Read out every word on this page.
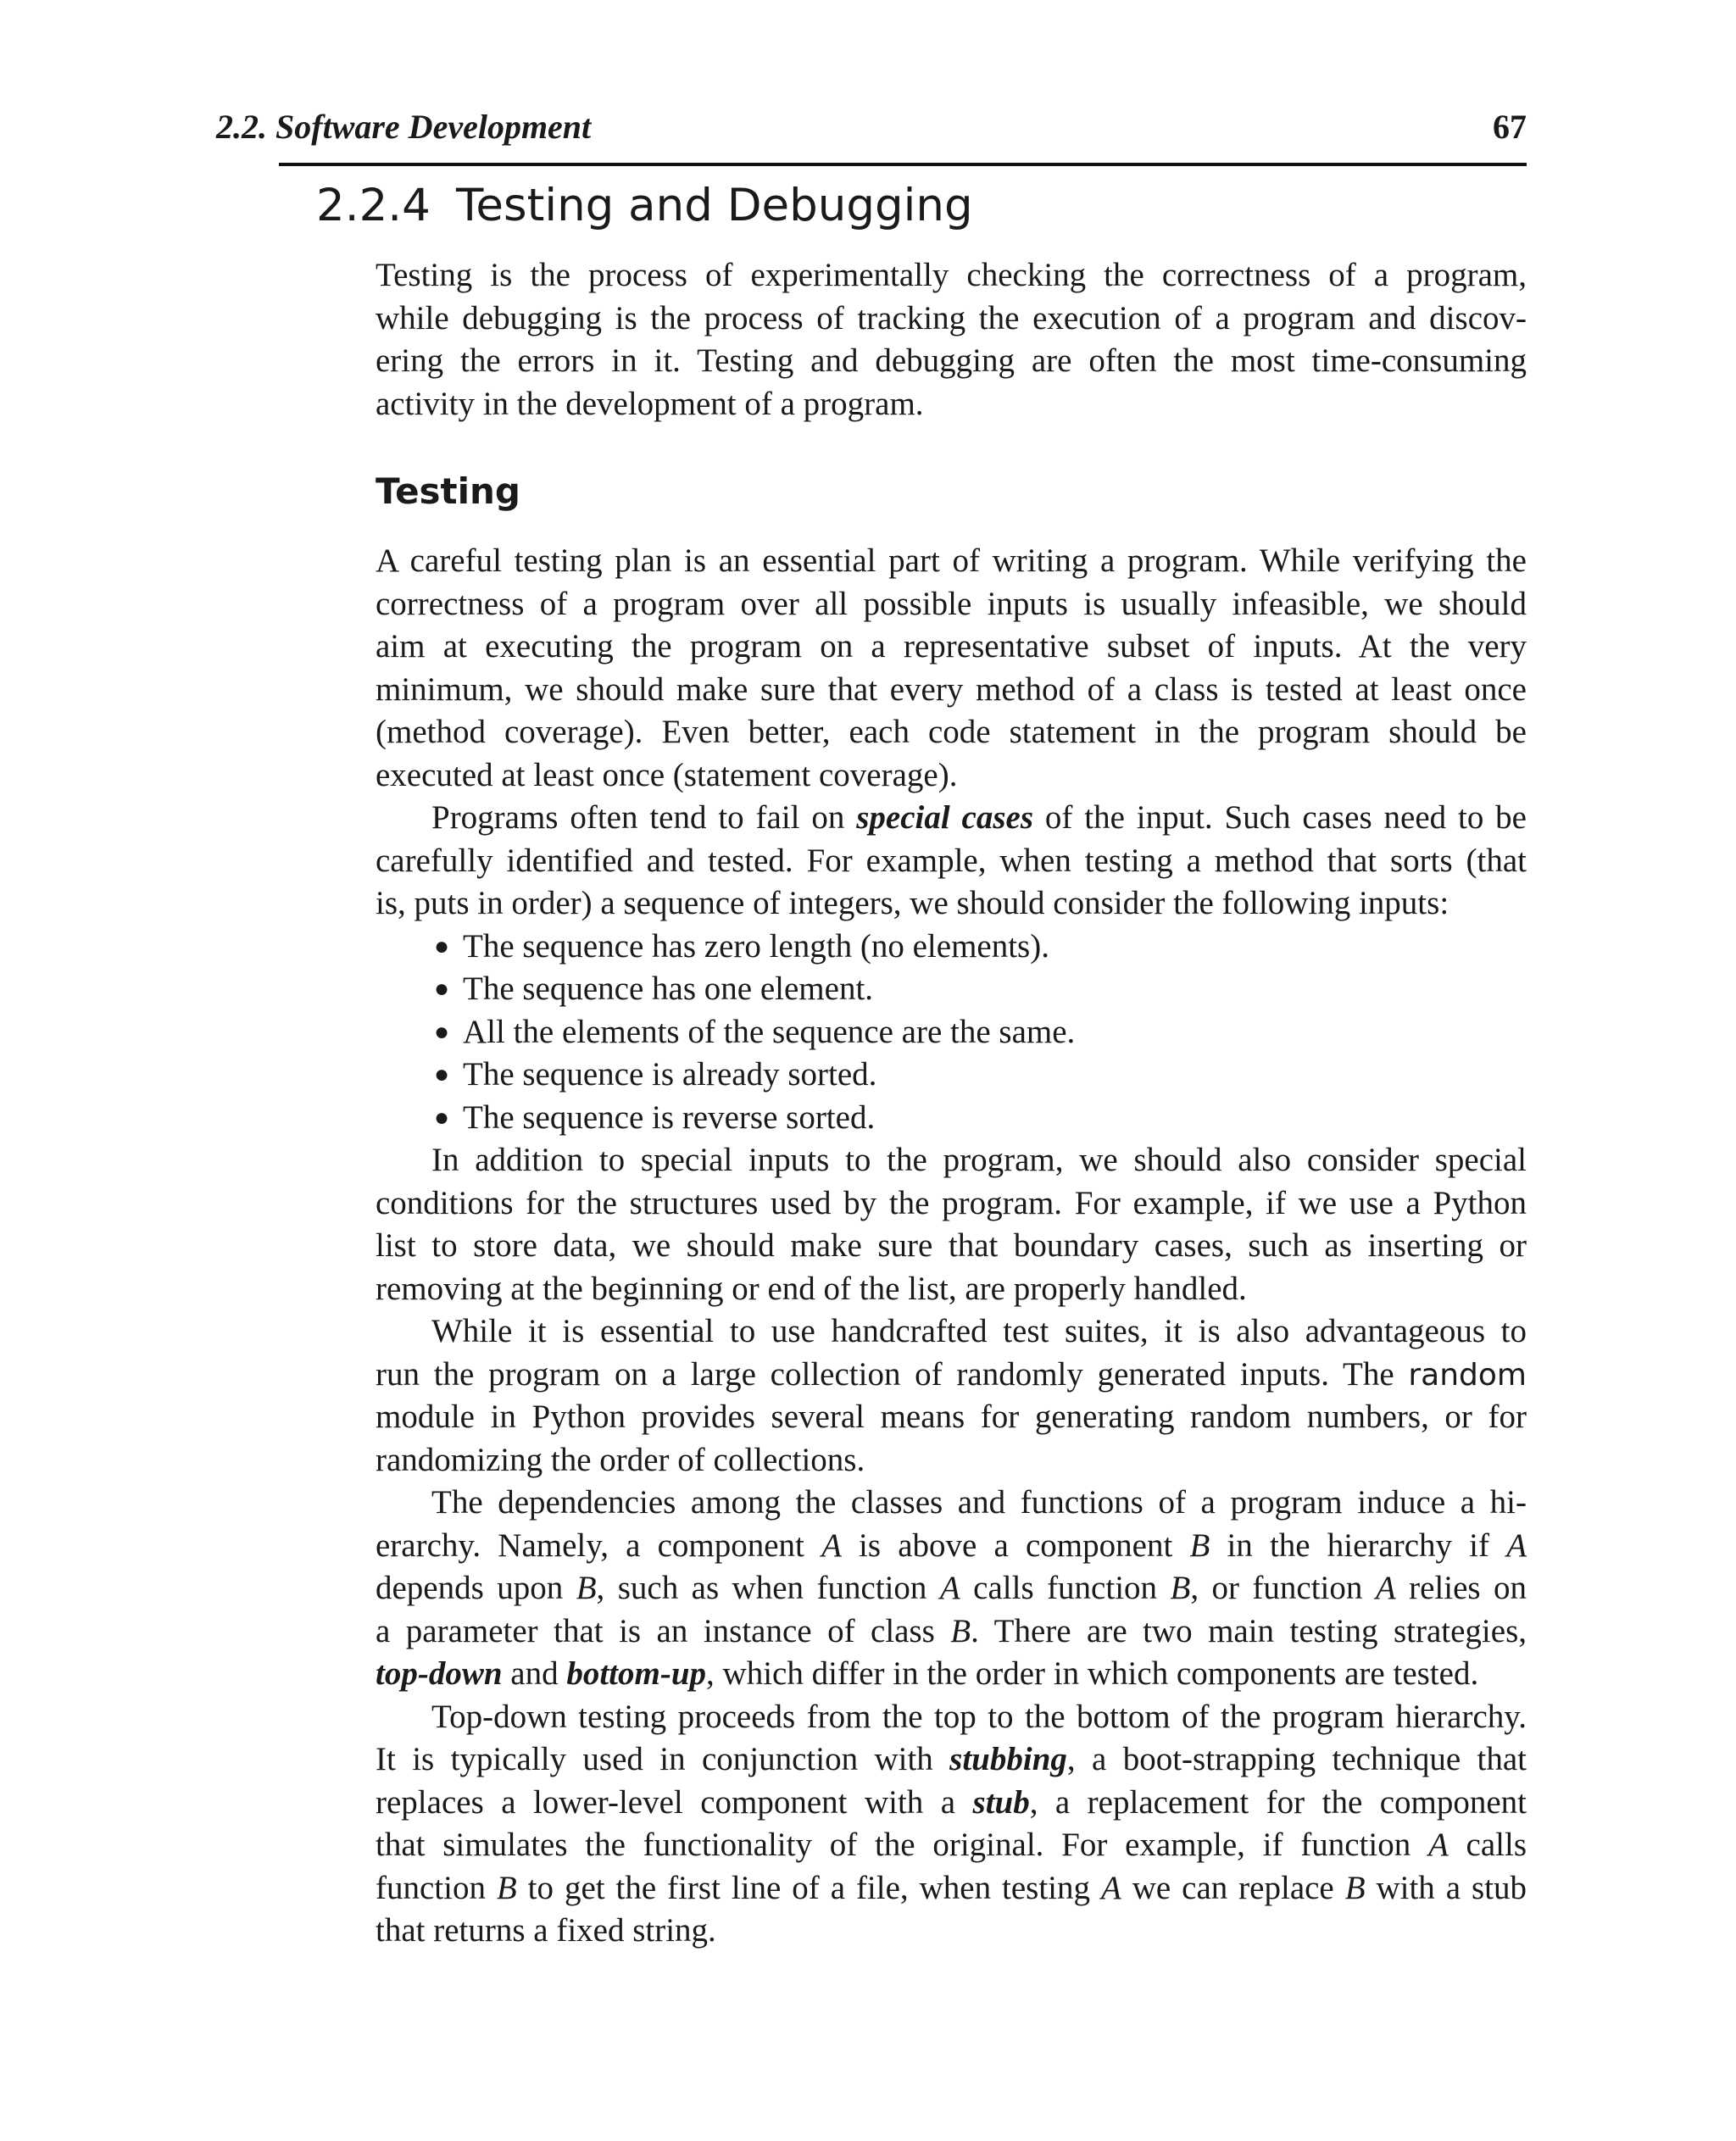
2.2. Software Development	67
2.2.4 Testing and Debugging
Testing is the process of experimentally checking the correctness of a program,
while debugging is the process of tracking the execution of a program and discov-
ering the errors in it. Testing and debugging are often the most time-consuming
activity in the development of a program.
Testing
A careful testing plan is an essential part of writing a program. While verifying the
correctness of a program over all possible inputs is usually infeasible, we should
aim at executing the program on a representative subset of inputs. At the very
minimum, we should make sure that every method of a class is tested at least once
(method coverage). Even better, each code statement in the program should be
executed at least once (statement coverage).
Programs often tend to fail on special cases of the input. Such cases need to be
carefully identified and tested. For example, when testing a method that sorts (that
is, puts in order) a sequence of integers, we should consider the following inputs:
● The sequence has zero length (no elements).
● The sequence has one element.
● All the elements of the sequence are the same.
● The sequence is already sorted.
● The sequence is reverse sorted.
In addition to special inputs to the program, we should also consider special
conditions for the structures used by the program. For example, if we use a Python
list to store data, we should make sure that boundary cases, such as inserting or
removing at the beginning or end of the list, are properly handled.
While it is essential to use handcrafted test suites, it is also advantageous to
run the program on a large collection of randomly generated inputs. The random
module in Python provides several means for generating random numbers, or for
randomizing the order of collections.
The dependencies among the classes and functions of a program induce a hi-
erarchy. Namely, a component A is above a component B in the hierarchy if A
depends upon B, such as when function A calls function B, or function A relies on
a parameter that is an instance of class B. There are two main testing strategies,
top-down and bottom-up, which differ in the order in which components are tested.
Top-down testing proceeds from the top to the bottom of the program hierarchy.
It is typically used in conjunction with stubbing, a boot-strapping technique that
replaces a lower-level component with a stub, a replacement for the component
that simulates the functionality of the original. For example, if function A calls
function B to get the first line of a file, when testing A we can replace B with a stub
that returns a fixed string.
